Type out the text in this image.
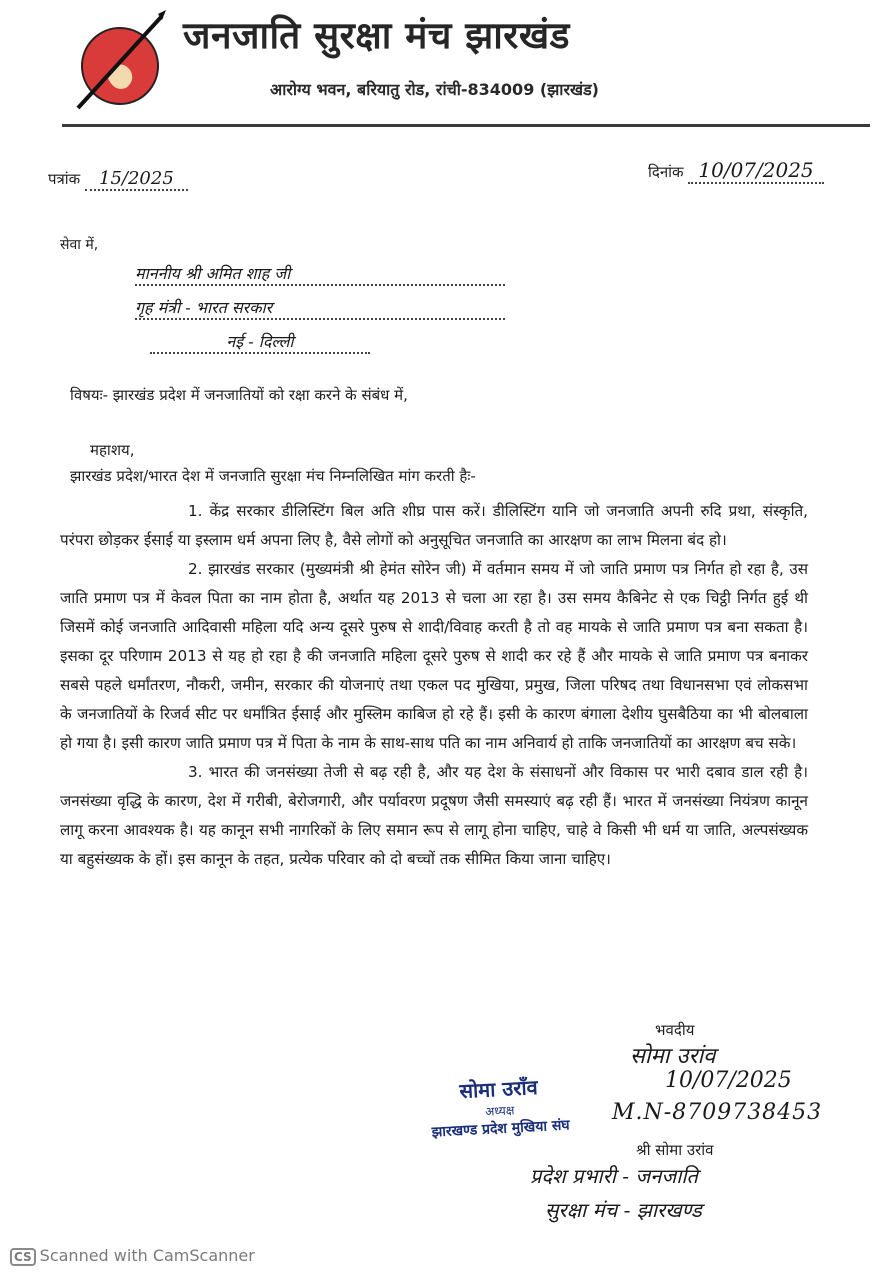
जनजाति सुरक्षा मंच झारखंड
आरोग्य भवन, बरियातु रोड, रांची-834009 (झारखंड)
पत्रांक 15/2025	दिनांक 10/07/2025
सेवा में,
माननीय श्री अमित शाह जी
गृह मंत्री - भारत सरकार
नई - दिल्ली
विषयः- झारखंड प्रदेश में जनजातियों को रक्षा करने के संबंध में,
महाशय,
झारखंड प्रदेश/भारत देश में जनजाति सुरक्षा मंच निम्नलिखित मांग करती हैः-

1. केंद्र सरकार डीलिस्टिंग बिल अति शीघ्र पास करें। डीलिस्टिंग यानि जो जनजाति अपनी रुदि प्रथा, संस्कृति, परंपरा छोड़कर ईसाई या इस्लाम धर्म अपना लिए है, वैसे लोगों को अनुसूचित जनजाति का आरक्षण का लाभ मिलना बंद हो।

2. झारखंड सरकार (मुख्यमंत्री श्री हेमंत सोरेन जी) में वर्तमान समय में जो जाति प्रमाण पत्र निर्गत हो रहा है, उस जाति प्रमाण पत्र में केवल पिता का नाम होता है, अर्थात यह 2013 से चला आ रहा है। उस समय कैबिनेट से एक चिट्ठी निर्गत हुई थी जिसमें कोई जनजाति आदिवासी महिला यदि अन्य दूसरे पुरुष से शादी/विवाह करती है तो वह मायके से जाति प्रमाण पत्र बना सकता है। इसका दूर परिणाम 2013 से यह हो रहा है की जनजाति महिला दूसरे पुरुष से शादी कर रहे हैं और मायके से जाति प्रमाण पत्र बनाकर सबसे पहले धर्मांतरण, नौकरी, जमीन, सरकार की योजनाएं तथा एकल पद मुखिया, प्रमुख, जिला परिषद तथा विधानसभा एवं लोकसभा के जनजातियों के रिजर्व सीट पर धर्मांत्रित ईसाई और मुस्लिम काबिज हो रहे हैं। इसी के कारण बंगाला देशीय घुसबैठिया का भी बोलबाला हो गया है। इसी कारण जाति प्रमाण पत्र में पिता के नाम के साथ-साथ पति का नाम अनिवार्य हो ताकि जनजातियों का आरक्षण बच सके।

3. भारत की जनसंख्या तेजी से बढ़ रही है, और यह देश के संसाधनों और विकास पर भारी दबाव डाल रही है। जनसंख्या वृद्धि के कारण, देश में गरीबी, बेरोजगारी, और पर्यावरण प्रदूषण जैसी समस्याएं बढ़ रही हैं। भारत में जनसंख्या नियंत्रण कानून लागू करना आवश्यक है। यह कानून सभी नागरिकों के लिए समान रूप से लागू होना चाहिए, चाहे वे किसी भी धर्म या जाति, अल्पसंख्यक या बहुसंख्यक के हों। इस कानून के तहत, प्रत्येक परिवार को दो बच्चों तक सीमित किया जाना चाहिए।

भवदीय
सोमा उरांव
10/07/2025
M.N-8709738453
सोमा उराँव
अध्यक्ष
झारखण्ड प्रदेश मुखिया संघ
श्री सोमा उरांव
प्रदेश प्रभारी - जनजाति
सुरक्षा मंच - झारखण्ड
CS Scanned with CamScanner
